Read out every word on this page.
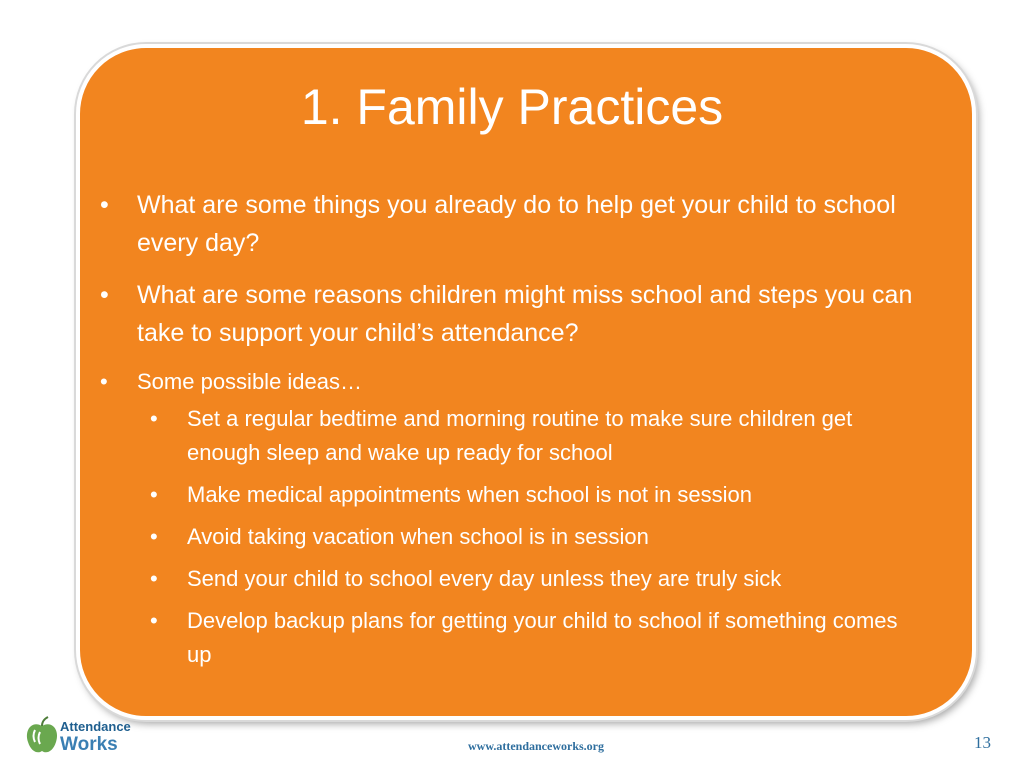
1. Family Practices
• What are some things you already do to help get your child to school every day?
• What are some reasons children might miss school and steps you can take to support your child’s attendance?
• Some possible ideas…
• Set a regular bedtime and morning routine to make sure children get enough sleep and wake up ready for school
• Make medical appointments when school is not in session
• Avoid taking vacation when school is in session
• Send your child to school every day unless they are truly sick
• Develop backup plans for getting your child to school if something comes up
Attendance
Works	www.attendanceworks.org	13
